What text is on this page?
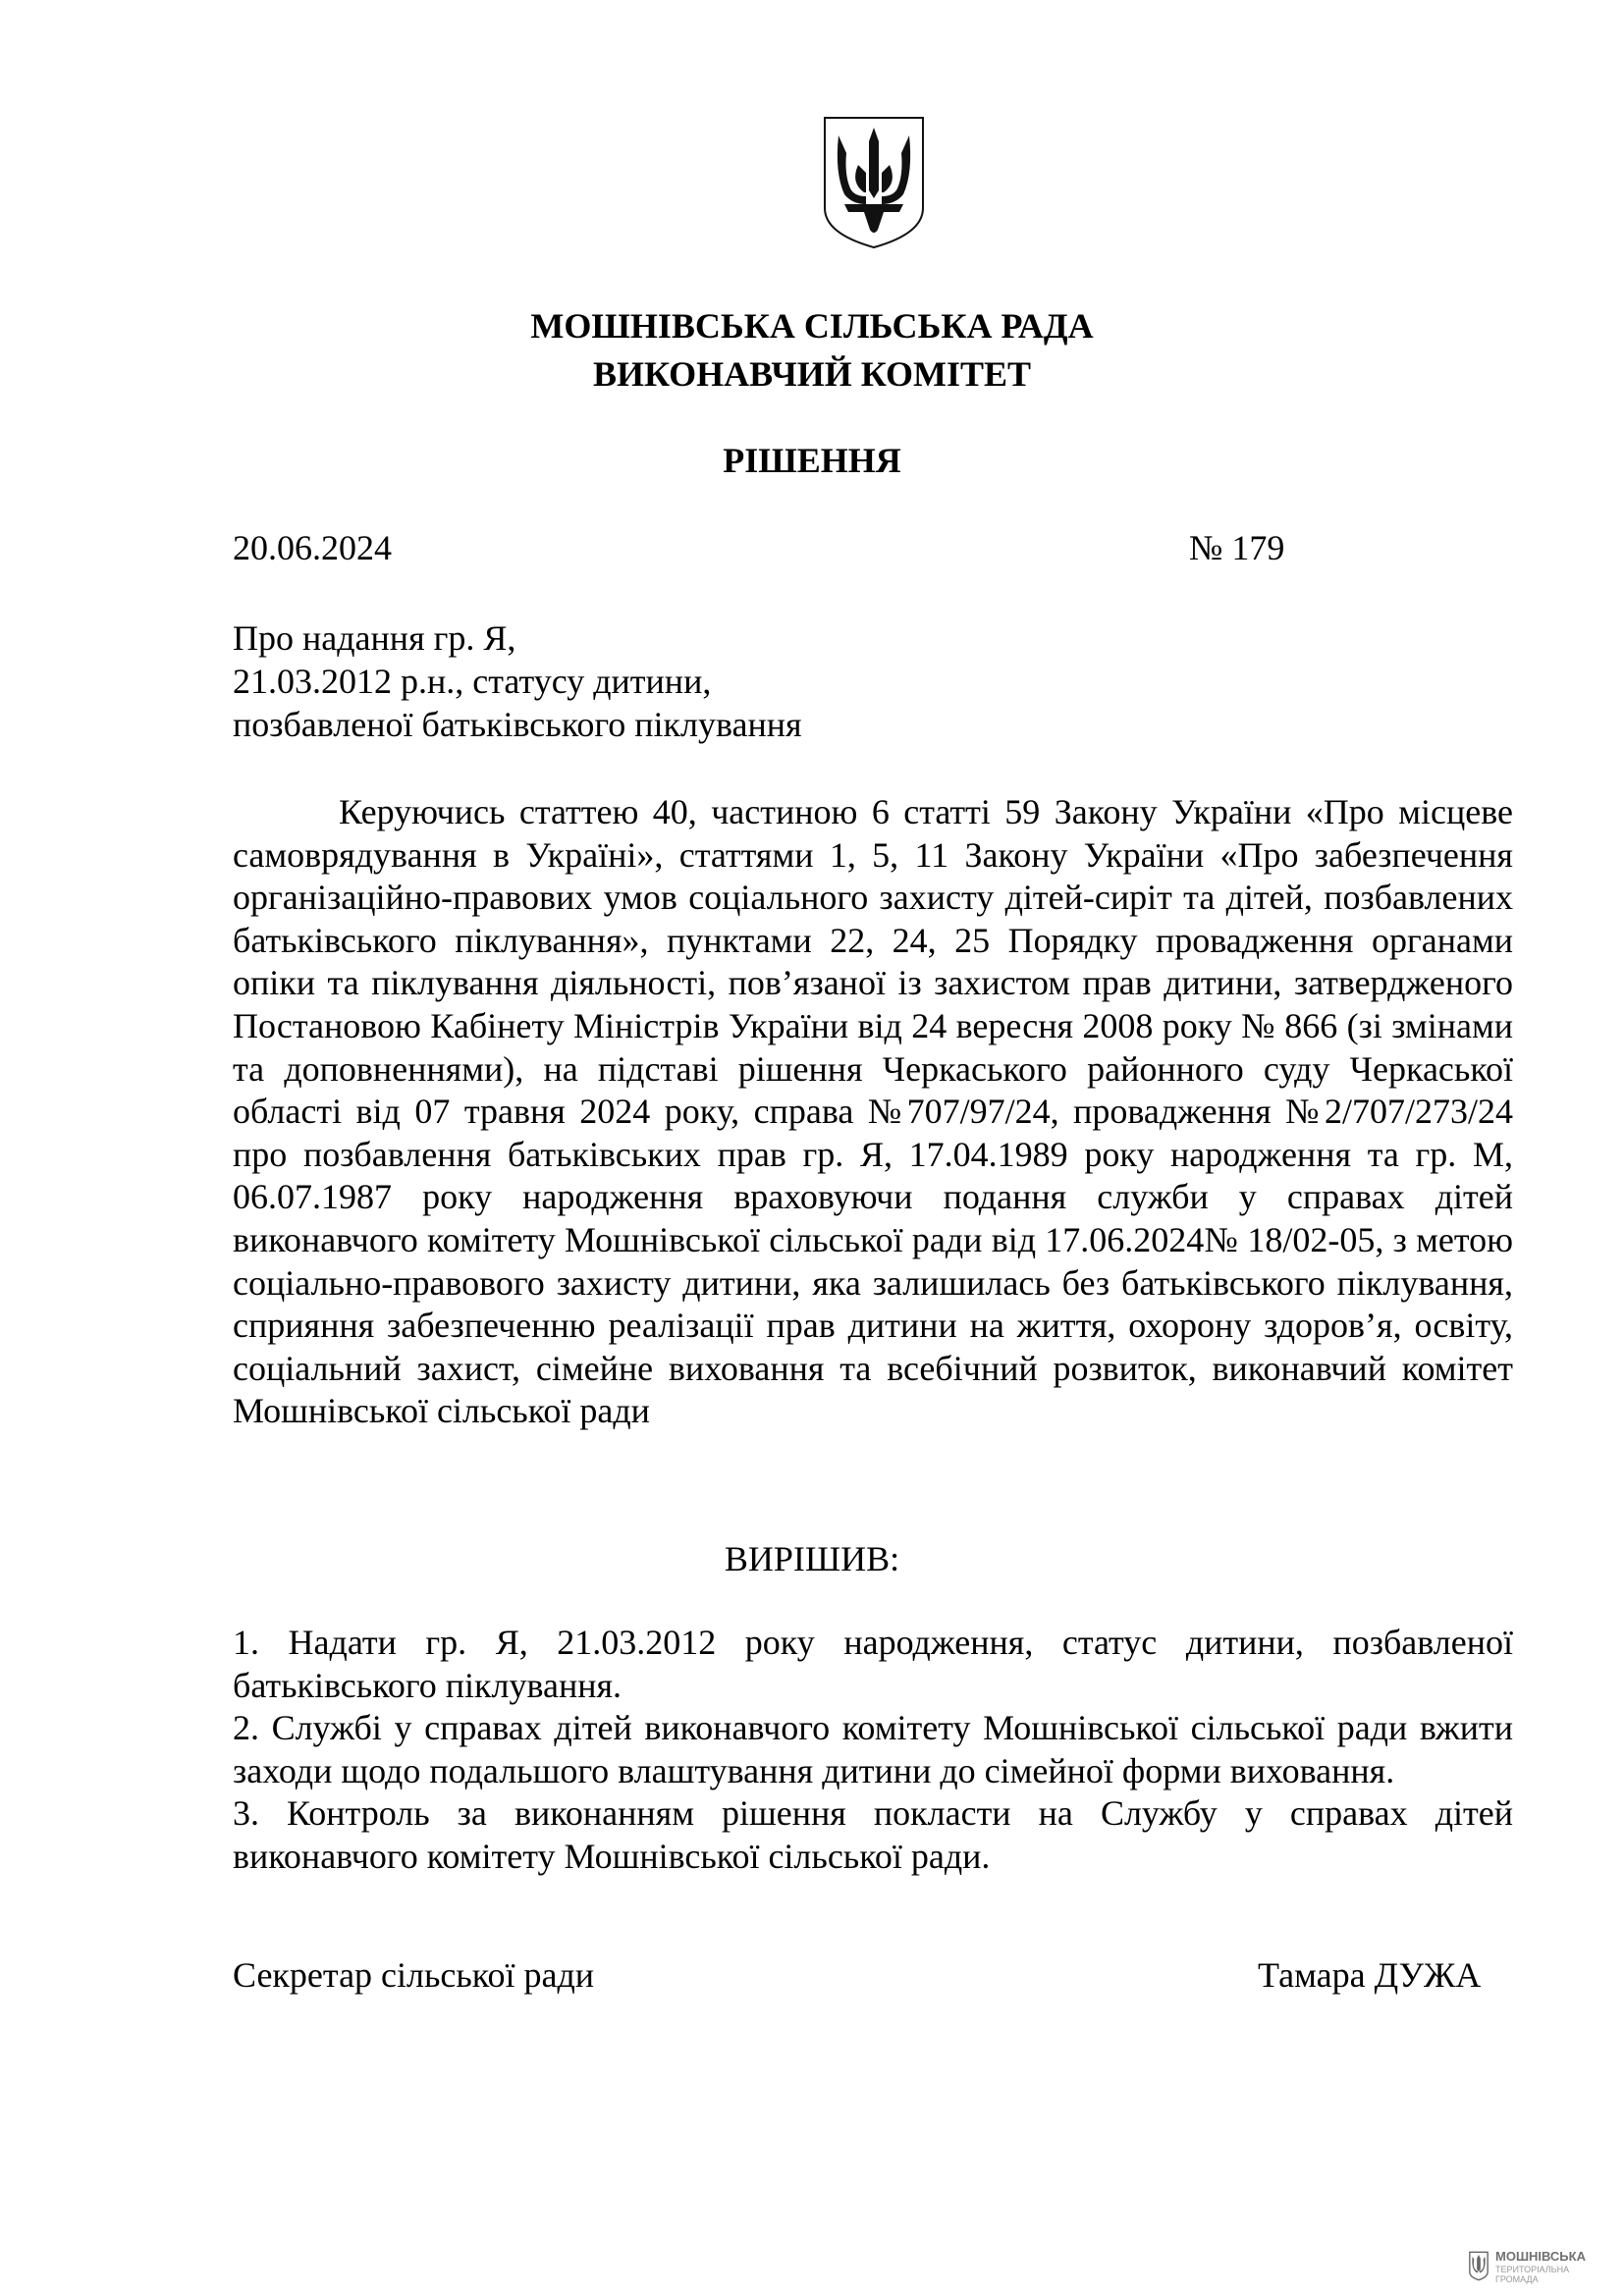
МОШНІВСЬКА СІЛЬСЬКА РАДА
ВИКОНАВЧИЙ КОМІТЕТ
РІШЕННЯ
20.06.2024	№ 179
Про надання гр. Я,
21.03.2012 р.н., статусу дитини,
позбавленої батьківського піклування

Керуючись статтею 40, частиною 6 статті 59 Закону України «Про місцеве самоврядування в Україні», статтями 1, 5, 11 Закону України «Про забезпечення організаційно-правових умов соціального захисту дітей-сиріт та дітей, позбавлених батьківського піклування», пунктами 22, 24, 25 Порядку провадження органами опіки та піклування діяльності, пов’язаної із захистом прав дитини, затвердженого Постановою Кабінету Міністрів України від 24 вересня 2008 року № 866 (зі змінами та доповненнями), на підставі рішення Черкаського районного суду Черкаської області від 07 травня 2024 року, справа №707/97/24, провадження №2/707/273/24 про позбавлення батьківських прав гр. Я, 17.04.1989 року народження та гр. М, 06.07.1987 року народження враховуючи подання служби у справах дітей виконавчого комітету Мошнівської сільської ради від 17.06.2024№ 18/02-05, з метою соціально-правового захисту дитини, яка залишилась без батьківського піклування, сприяння забезпеченню реалізації прав дитини на життя, охорону здоров’я, освіту, соціальний захист, сімейне виховання та всебічний розвиток, виконавчий комітет Мошнівської сільської ради

ВИРІШИВ:

1. Надати гр. Я, 21.03.2012 року народження, статус дитини, позбавленої батьківського піклування.

2. Службі у справах дітей виконавчого комітету Мошнівської сільської ради вжити заходи щодо подальшого влаштування дитини до сімейної форми виховання.

3. Контроль за виконанням рішення покласти на Службу у справах дітей виконавчого комітету Мошнівської сільської ради.

Секретар сільської ради	Тамара ДУЖА
МОШНІВСЬКА
ТЕРИТОРІАЛЬНА ГРОМАДА
